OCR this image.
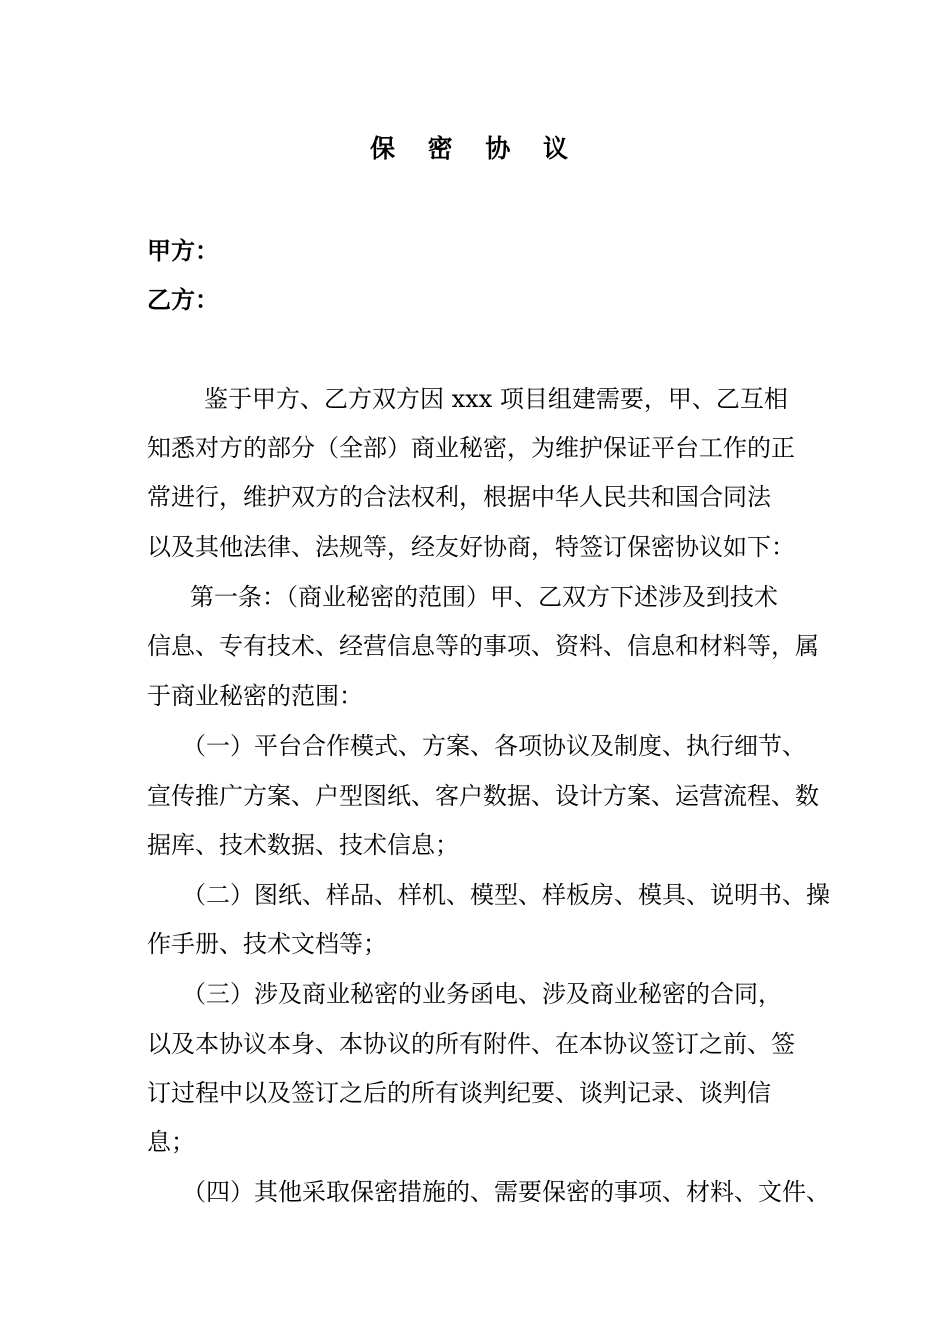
保 密 协 议
甲方：
乙方：
鉴于甲方、乙方双方因 xxx 项目组建需要，甲、乙互相
知悉对方的部分（全部）商业秘密，为维护保证平台工作的正
常进行，维护双方的合法权利，根据中华人民共和国合同法
以及其他法律、法规等，经友好协商，特签订保密协议如下：
第一条：（商业秘密的范围）甲、乙双方下述涉及到技术
信息、专有技术、经营信息等的事项、资料、信息和材料等，属
于商业秘密的范围：
（一）平台合作模式、方案、各项协议及制度、执行细节、
宣传推广方案、户型图纸、客户数据、设计方案、运营流程、数
据库、技术数据、技术信息；
（二）图纸、样品、样机、模型、样板房、模具、说明书、操
作手册、技术文档等；
（三）涉及商业秘密的业务函电、涉及商业秘密的合同，
以及本协议本身、本协议的所有附件、在本协议签订之前、签
订过程中以及签订之后的所有谈判纪要、谈判记录、谈判信
息；
（四）其他采取保密措施的、需要保密的事项、材料、文件、
